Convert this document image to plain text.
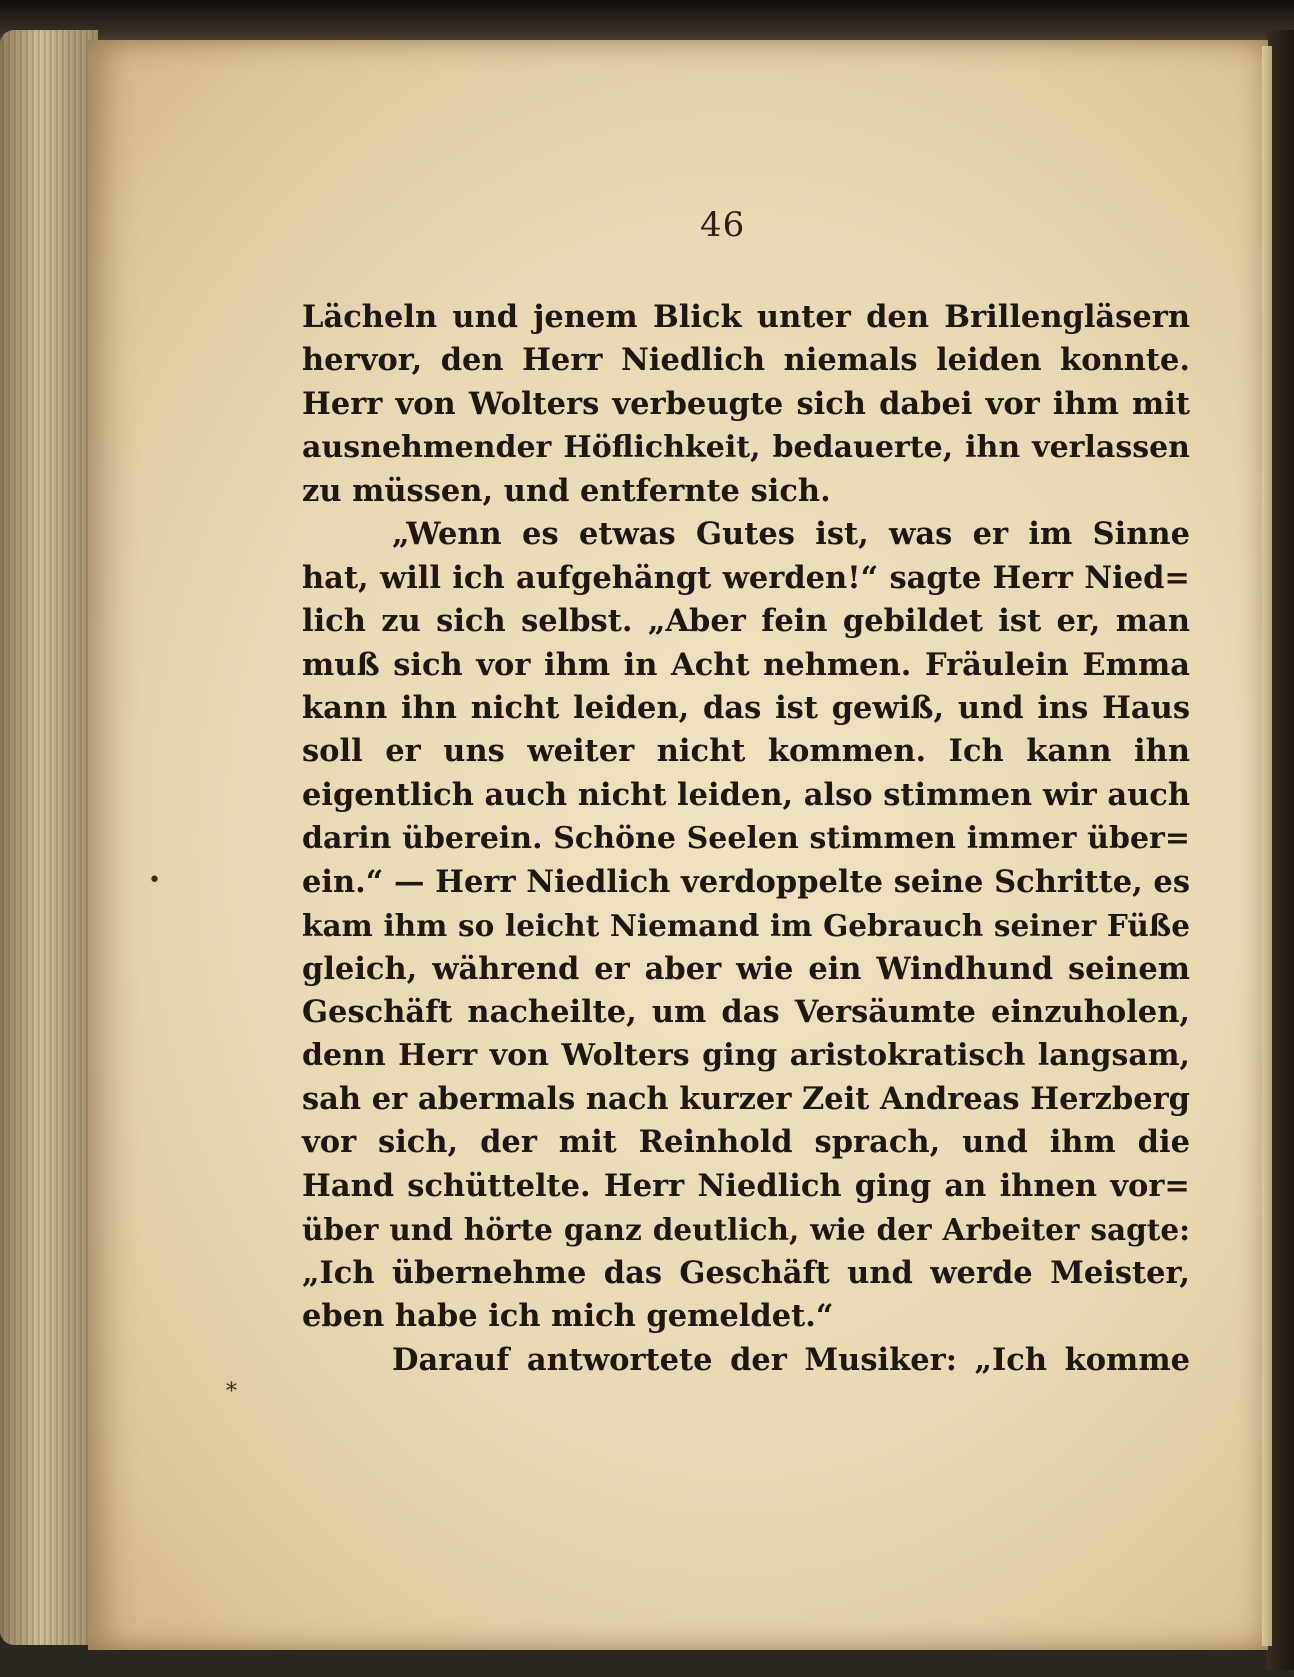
•
⁎
46
Lächeln und jenem Blick unter den Brillengläsern
hervor, den Herr Niedlich niemals leiden konnte.
Herr von Wolters verbeugte sich dabei vor ihm mit
ausnehmender Höflichkeit, bedauerte, ihn verlassen
zu müssen, und entfernte sich.
„Wenn es etwas Gutes ist, was er im Sinne
hat, will ich aufgehängt werden!“ sagte Herr Nied=
lich zu sich selbst. „Aber fein gebildet ist er, man
muß sich vor ihm in Acht nehmen. Fräulein Emma
kann ihn nicht leiden, das ist gewiß, und ins Haus
soll er uns weiter nicht kommen. Ich kann ihn
eigentlich auch nicht leiden, also stimmen wir auch
darin überein. Schöne Seelen stimmen immer über=
ein.“ — Herr Niedlich verdoppelte seine Schritte, es
kam ihm so leicht Niemand im Gebrauch seiner Füße
gleich, während er aber wie ein Windhund seinem
Geschäft nacheilte, um das Versäumte einzuholen,
denn Herr von Wolters ging aristokratisch langsam,
sah er abermals nach kurzer Zeit Andreas Herzberg
vor sich, der mit Reinhold sprach, und ihm die
Hand schüttelte. Herr Niedlich ging an ihnen vor=
über und hörte ganz deutlich, wie der Arbeiter sagte:
„Ich übernehme das Geschäft und werde Meister,
eben habe ich mich gemeldet.“
Darauf antwortete der Musiker: „Ich komme
